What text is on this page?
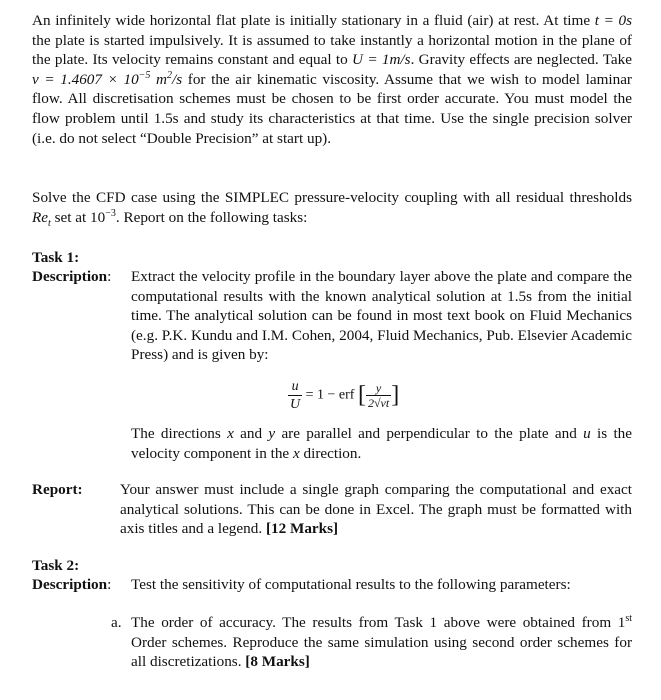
An infinitely wide horizontal flat plate is initially stationary in a fluid (air) at rest. At time t = 0s the plate is started impulsively. It is assumed to take instantly a horizontal motion in the plane of the plate. Its velocity remains constant and equal to U = 1m/s. Gravity effects are neglected. Take $\nu = 1.4607 \times 10^{-5}$ $m^2/s$ for the air kinematic viscosity. Assume that we wish to model laminar flow. All discretisation schemes must be chosen to be first order accurate. You must model the flow problem until 1.5s and study its characteristics at that time. Use the single precision solver (i.e. do not select “Double Precision” at start up).
Solve the CFD case using the SIMPLEC pressure-velocity coupling with all residual thresholds $Re_t$ set at $10^{-3}$. Report on the following tasks:
Task 1:
Description: Extract the velocity profile in the boundary layer above the plate and compare the computational results with the known analytical solution at 1.5s from the initial time. The analytical solution can be found in most text book on Fluid Mechanics (e.g. P.K. Kundu and I.M. Cohen, 2004, Fluid Mechanics, Pub. Elsevier Academic Press) and is given by:
$\frac{u}{U} = 1$ − erf [ $\frac{y}{2√\nu t}$ ]
The directions x and y are parallel and perpendicular to the plate and u is the velocity component in the x direction.
Report: Your answer must include a single graph comparing the computational and exact analytical solutions. This can be done in Excel. The graph must be formatted with axis titles and a legend. [12 Marks]
Task 2:
Description: Test the sensitivity of computational results to the following parameters:
a. The order of accuracy. The results from Task 1 above were obtained from 1st Order schemes. Reproduce the same simulation using second order schemes for all discretizations. [8 Marks]
